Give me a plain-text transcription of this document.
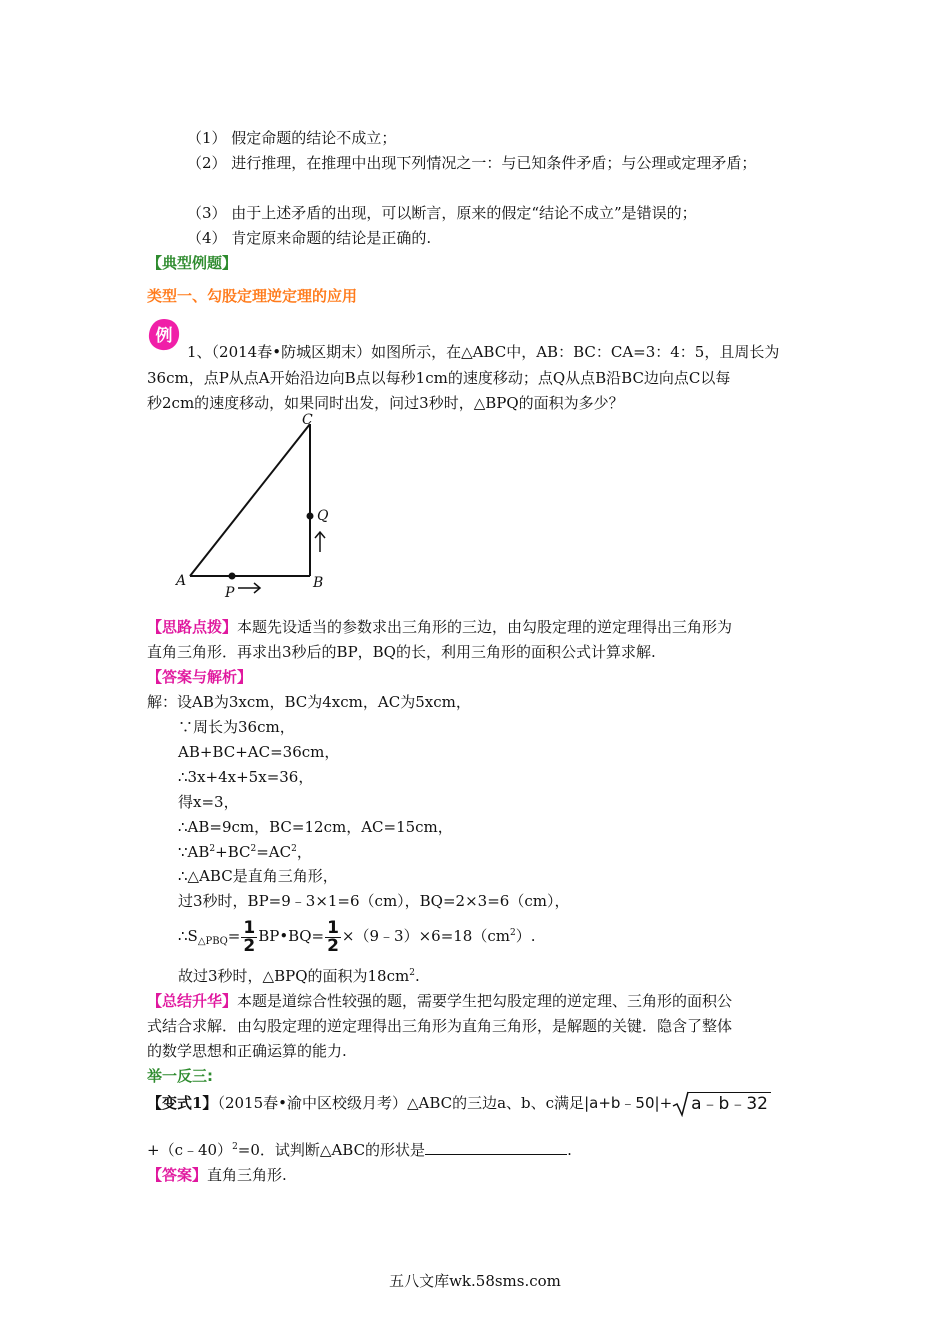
（1） 假定命题的结论不成立；
（2） 进行推理，在推理中出现下列情况之一：与已知条件矛盾；与公理或定理矛盾；
（3） 由于上述矛盾的出现，可以断言，原来的假定“结论不成立”是错误的；
（4） 肯定原来命题的结论是正确的.
【典型例题】
类型一、勾股定理逆定理的应用
例
1、（2014春•防城区期末）如图所示，在△ABC中，AB：BC：CA=3：4：5，且周长为
36cm，点P从点A开始沿边向B点以每秒1cm的速度移动；点Q从点B沿BC边向点C以每
秒2cm的速度移动，如果同时出发，问过3秒时，△BPQ的面积为多少？
A	B
C
P
Q
【思路点拨】本题先设适当的参数求出三角形的三边，由勾股定理的逆定理得出三角形为
直角三角形．再求出3秒后的BP，BQ的长，利用三角形的面积公式计算求解.
【答案与解析】
解：设AB为3xcm，BC为4xcm，AC为5xcm，
∵周长为36cm，
AB+BC+AC=36cm，
∴3x+4x+5x=36，
得x=3，
∴AB=9cm，BC=12cm，AC=15cm，
$\because AB^2+BC^2=AC^2$，
∴△ABC是直角三角形，
过3秒时，BP=9﹣3×1=6（cm），BQ=2×3=6（cm），
$\therefore S_{\triangle PBQ}= \frac{1}{2}$ BP•BQ= $\frac{1}{2}$ $\times(9﹣3)\times 6=18(cm^2)$.
故过3秒时，△BPQ的面积为$18cm^2$.
【总结升华】本题是道综合性较强的题，需要学生把勾股定理的逆定理、三角形的面积公
式结合求解．由勾股定理的逆定理得出三角形为直角三角形，是解题的关键．隐含了整体
的数学思想和正确运算的能力.
举一反三:
【变式1】（2015春•渝中区校级月考）△ABC的三边a、b、c满足|a+b﹣50|+ a﹣b﹣32
+（c﹣40）$^2$=0．试判断△ABC的形状是	.
【答案】直角三角形.
五八文库wk.58sms.com
